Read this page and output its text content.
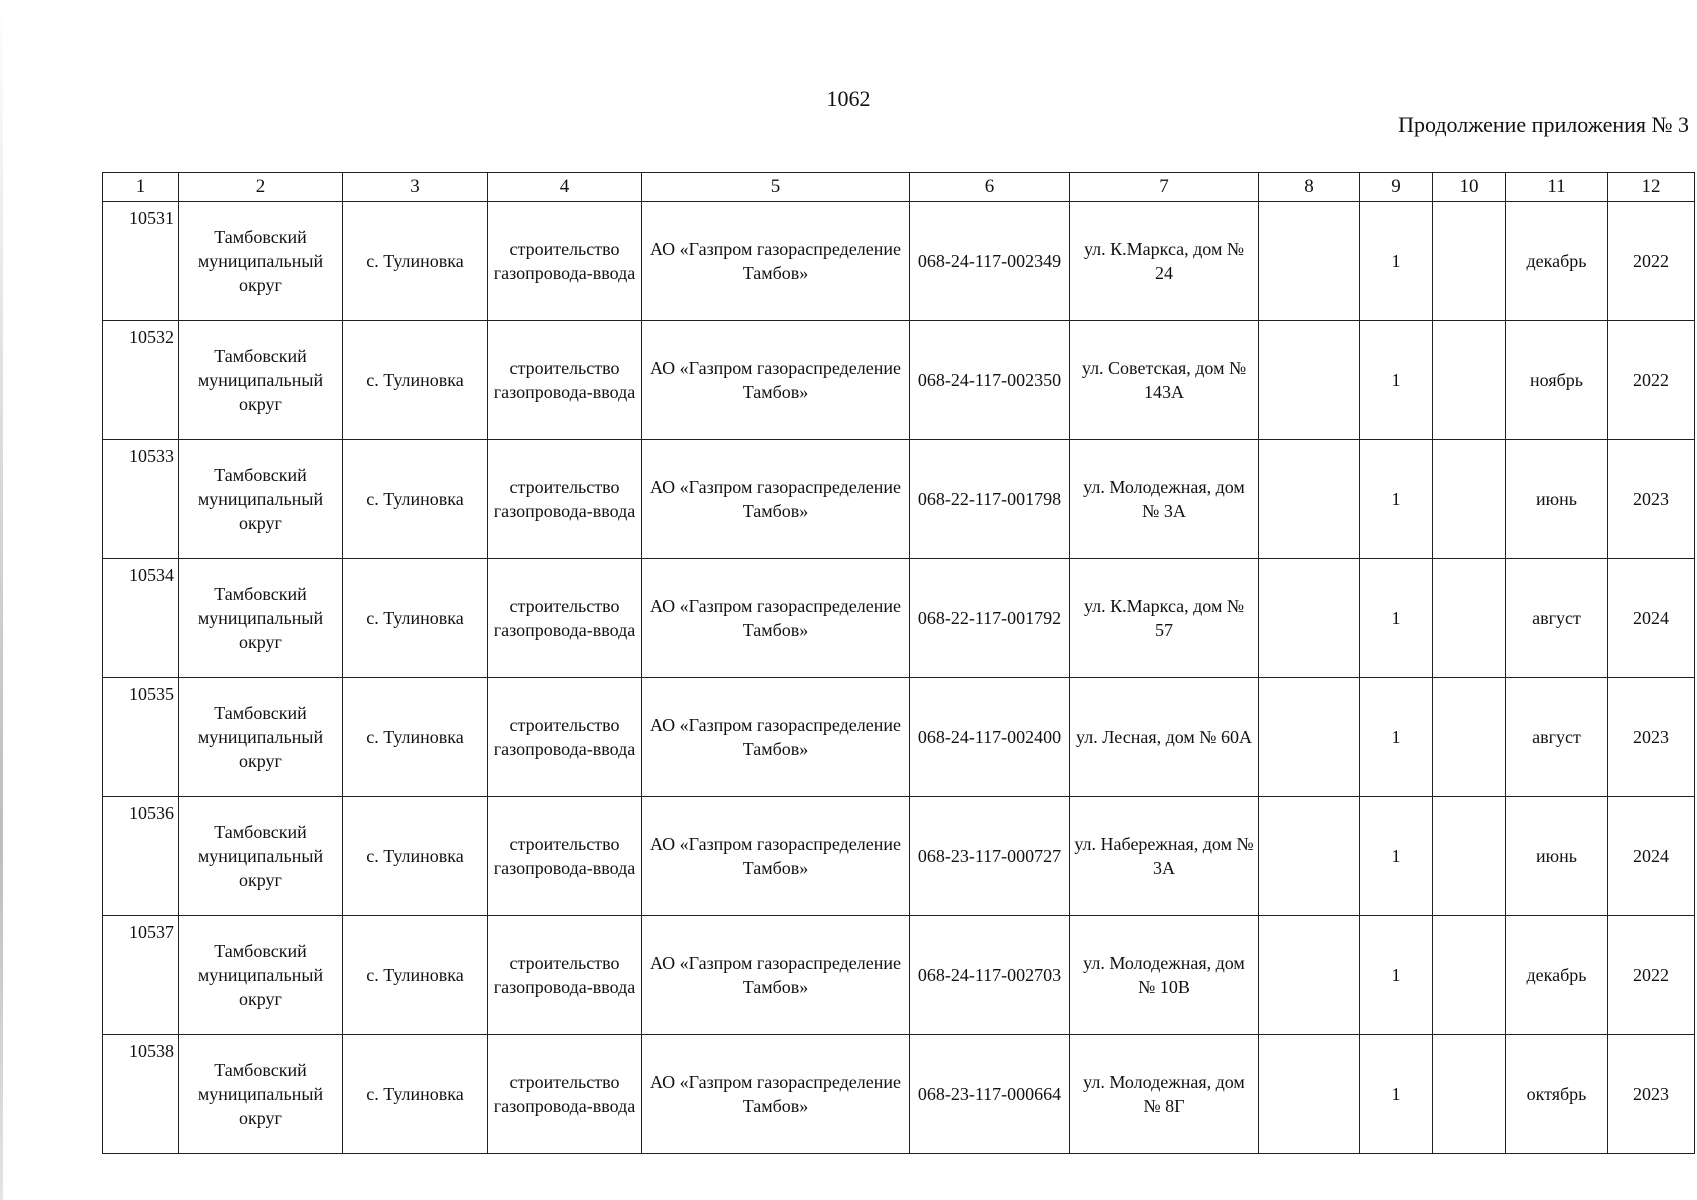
1062
Продолжение приложения № 3
1	2	3	4	5	6	7	8	9	10	11	12
10531	Тамбовский муниципальный округ	с. Тулиновка	строительство газопровода-ввода	АО «Газпром газораспределение Тамбов»	068-24-117-002349	ул. К.Маркса, дом № 24		1		декабрь	2022
10532	Тамбовский муниципальный округ	с. Тулиновка	строительство газопровода-ввода	АО «Газпром газораспределение Тамбов»	068-24-117-002350	ул. Советская, дом № 143А		1		ноябрь	2022
10533	Тамбовский муниципальный округ	с. Тулиновка	строительство газопровода-ввода	АО «Газпром газораспределение Тамбов»	068-22-117-001798	ул. Молодежная, дом № 3А		1		июнь	2023
10534	Тамбовский муниципальный округ	с. Тулиновка	строительство газопровода-ввода	АО «Газпром газораспределение Тамбов»	068-22-117-001792	ул. К.Маркса, дом № 57		1		август	2024
10535	Тамбовский муниципальный округ	с. Тулиновка	строительство газопровода-ввода	АО «Газпром газораспределение Тамбов»	068-24-117-002400	ул. Лесная, дом № 60А		1		август	2023
10536	Тамбовский муниципальный округ	с. Тулиновка	строительство газопровода-ввода	АО «Газпром газораспределение Тамбов»	068-23-117-000727	ул. Набережная, дом № 3А		1		июнь	2024
10537	Тамбовский муниципальный округ	с. Тулиновка	строительство газопровода-ввода	АО «Газпром газораспределение Тамбов»	068-24-117-002703	ул. Молодежная, дом № 10В		1		декабрь	2022
10538	Тамбовский муниципальный округ	с. Тулиновка	строительство газопровода-ввода	АО «Газпром газораспределение Тамбов»	068-23-117-000664	ул. Молодежная, дом № 8Г		1		октябрь	2023
